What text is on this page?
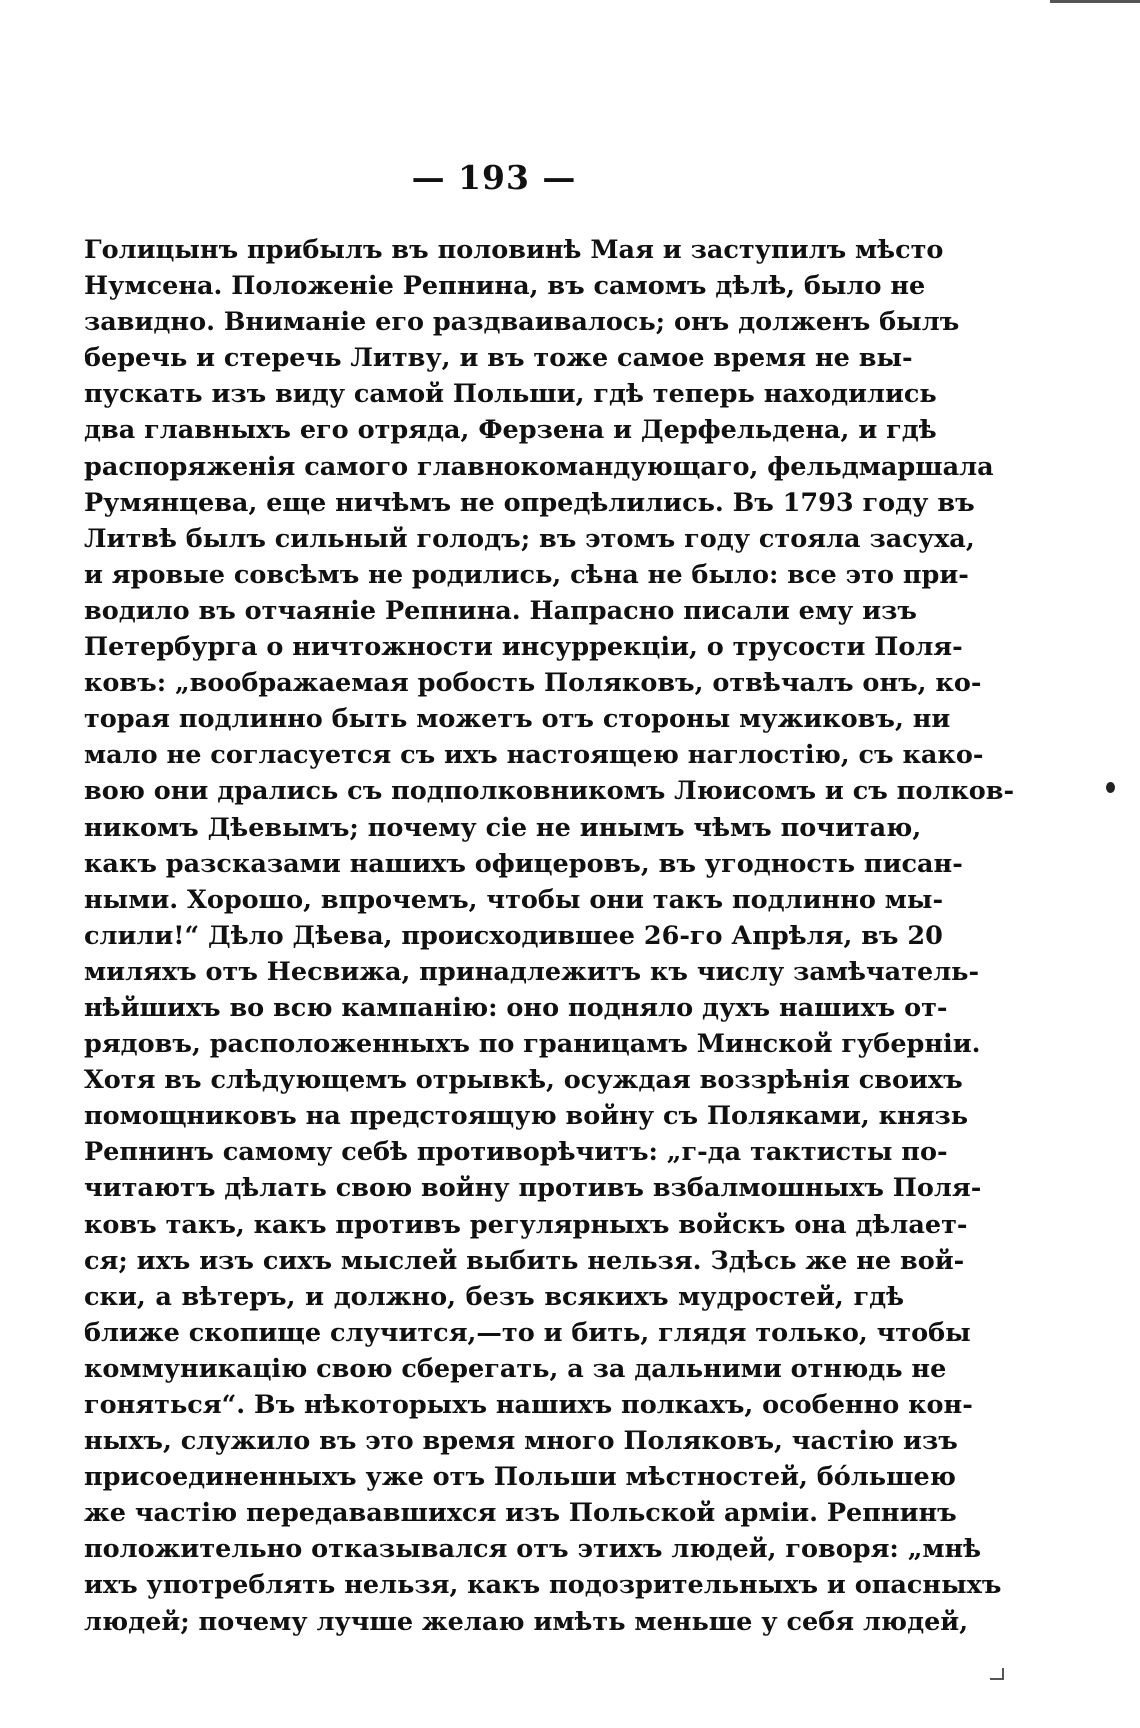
— 193 —
Голицынъ прибылъ въ половинѣ Мая и заступилъ мѣсто
Нумсена. Положеніе Репнина, въ самомъ дѣлѣ, было не
завидно. Вниманіе его раздваивалось; онъ долженъ былъ
беречь и стеречь Литву, и въ тоже самое время не вы-
пускать изъ виду самой Польши, гдѣ теперь находились
два главныхъ его отряда, Ферзена и Дерфельдена, и гдѣ
распоряженія самого главнокомандующаго, фельдмаршала
Румянцева, еще ничѣмъ не опредѣлились. Въ 1793 году въ
Литвѣ былъ сильный голодъ; въ этомъ году стояла засуха,
и яровые совсѣмъ не родились, сѣна не было: все это при-
водило въ отчаяніе Репнина. Напрасно писали ему изъ
Петербурга о ничтожности инсуррекціи, о трусости Поля-
ковъ: „воображаемая робость Поляковъ, отвѣчалъ онъ, ко-
торая подлинно быть можетъ отъ стороны мужиковъ, ни
мало не согласуется съ ихъ настоящею наглостію, съ како-
вою они дрались съ подполковникомъ Люисомъ и съ полков-
никомъ Дѣевымъ; почему сіе не инымъ чѣмъ почитаю,
какъ разсказами нашихъ офицеровъ, въ угодность писан-
ными. Хорошо, впрочемъ, чтобы они такъ подлинно мы-
слили!“ Дѣло Дѣева, происходившее 26-го Апрѣля, въ 20
миляхъ отъ Несвижа, принадлежитъ къ числу замѣчатель-
нѣйшихъ во всю кампанію: оно подняло духъ нашихъ от-
рядовъ, расположенныхъ по границамъ Минской губерніи.
Хотя въ слѣдующемъ отрывкѣ, осуждая воззрѣнія своихъ
помощниковъ на предстоящую войну съ Поляками, князь
Репнинъ самому себѣ противорѣчитъ: „г-да тактисты по-
читаютъ дѣлать свою войну противъ взбалмошныхъ Поля-
ковъ такъ, какъ противъ регулярныхъ войскъ она дѣлает-
ся; ихъ изъ сихъ мыслей выбить нельзя. Здѣсь же не вой-
ски, а вѣтеръ, и должно, безъ всякихъ мудростей, гдѣ
ближе скопище случится,—то и бить, глядя только, чтобы
коммуникацію свою сберегать, а за дальними отнюдь не
гоняться“. Въ нѣкоторыхъ нашихъ полкахъ, особенно кон-
ныхъ, служило въ это время много Поляковъ, частію изъ
присоединенныхъ уже отъ Польши мѣстностей, бóльшею
же частію передававшихся изъ Польской арміи. Репнинъ
положительно отказывался отъ этихъ людей, говоря: „мнѣ
ихъ употреблять нельзя, какъ подозрительныхъ и опасныхъ
людей; почему лучше желаю имѣть меньше у себя людей,
